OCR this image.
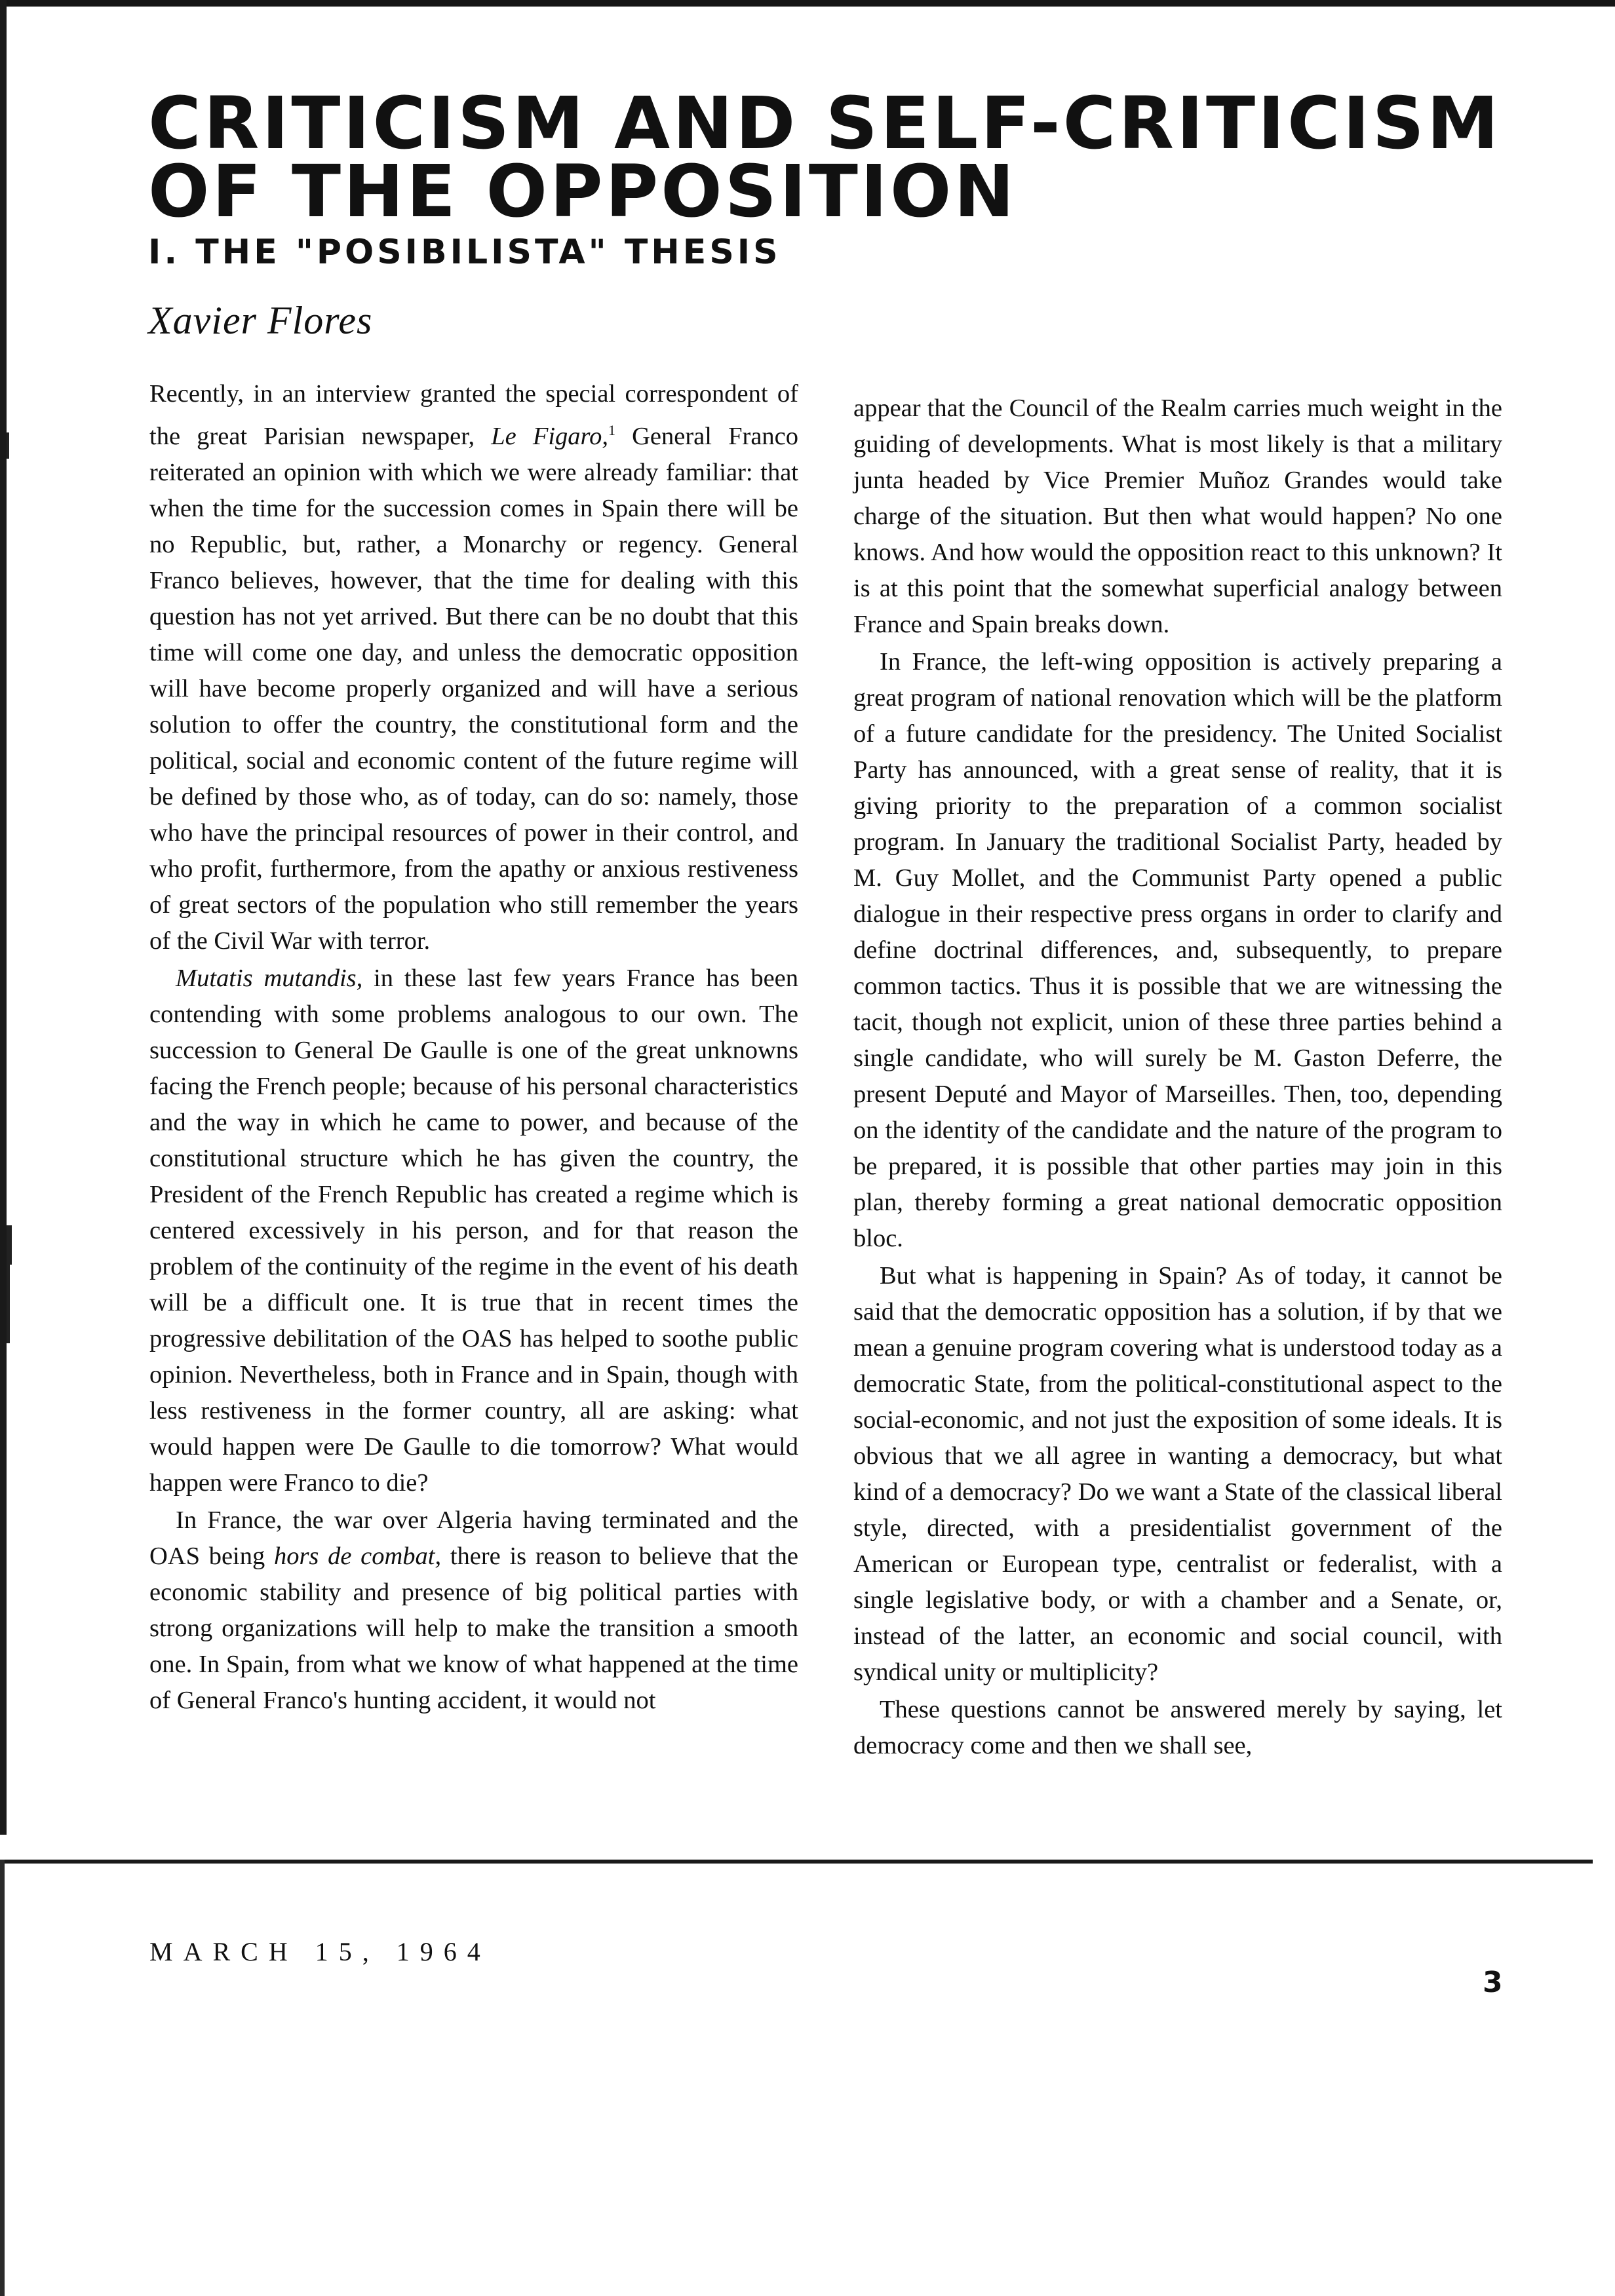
CRITICISM AND SELF-CRITICISM
OF THE OPPOSITION
I. THE "POSIBILISTA" THESIS
Xavier Flores

Recently, in an interview granted the special correspondent of the great Parisian newspaper, Le Figaro,$^1$ General Franco reiterated an opinion with which we were already familiar: that when the time for the succession comes in Spain there will be no Republic, but, rather, a Monarchy or regency. General Franco believes, however, that the time for dealing with this question has not yet arrived. But there can be no doubt that this time will come one day, and unless the democratic opposition will have become properly organized and will have a serious solution to offer the country, the constitutional form and the political, social and economic content of the future regime will be defined by those who, as of today, can do so: namely, those who have the principal resources of power in their control, and who profit, furthermore, from the apathy or anxious restiveness of great sectors of the population who still remember the years of the Civil War with terror.

Mutatis mutandis, in these last few years France has been contending with some problems analogous to our own. The succession to General De Gaulle is one of the great unknowns facing the French people; because of his personal characteristics and the way in which he came to power, and because of the constitutional structure which he has given the country, the President of the French Republic has created a regime which is centered excessively in his person, and for that reason the problem of the continuity of the regime in the event of his death will be a difficult one. It is true that in recent times the progressive debilitation of the OAS has helped to soothe public opinion. Nevertheless, both in France and in Spain, though with less restiveness in the former country, all are asking: what would happen were De Gaulle to die tomorrow? What would happen were Franco to die?

In France, the war over Algeria having terminated and the OAS being hors de combat, there is reason to believe that the economic stability and presence of big political parties with strong organizations will help to make the transition a smooth one. In Spain, from what we know of what happened at the time of General Franco's hunting accident, it would not

appear that the Council of the Realm carries much weight in the guiding of developments. What is most likely is that a military junta headed by Vice Premier Muñoz Grandes would take charge of the situation. But then what would happen? No one knows. And how would the opposition react to this unknown? It is at this point that the somewhat superficial analogy between France and Spain breaks down.

In France, the left-wing opposition is actively preparing a great program of national renovation which will be the platform of a future candidate for the presidency. The United Socialist Party has announced, with a great sense of reality, that it is giving priority to the preparation of a common socialist program. In January the traditional Socialist Party, headed by M. Guy Mollet, and the Communist Party opened a public dialogue in their respective press organs in order to clarify and define doctrinal differences, and, subsequently, to prepare common tactics. Thus it is possible that we are witnessing the tacit, though not explicit, union of these three parties behind a single candidate, who will surely be M. Gaston Deferre, the present Deputé and Mayor of Marseilles. Then, too, depending on the identity of the candidate and the nature of the program to be prepared, it is possible that other parties may join in this plan, thereby forming a great national democratic opposition bloc.

But what is happening in Spain? As of today, it cannot be said that the democratic opposition has a solution, if by that we mean a genuine program covering what is understood today as a democratic State, from the political-constitutional aspect to the social-economic, and not just the exposition of some ideals. It is obvious that we all agree in wanting a democracy, but what kind of a democracy? Do we want a State of the classical liberal style, directed, with a presidentialist government of the American or European type, centralist or federalist, with a single legislative body, or with a chamber and a Senate, or, instead of the latter, an economic and social council, with syndical unity or multiplicity?

These questions cannot be answered merely by saying, let democracy come and then we shall see,

MARCH 15, 1964
3
